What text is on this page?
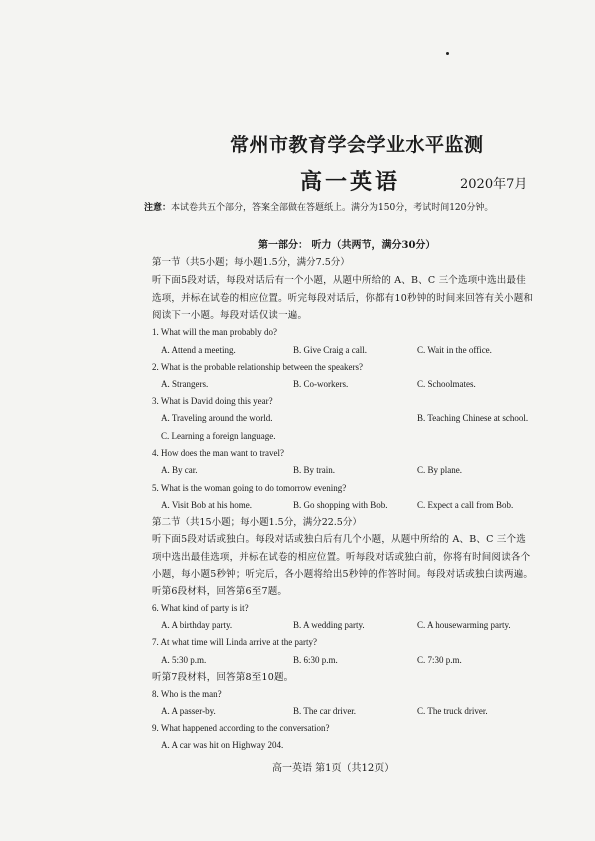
常州市教育学会学业水平监测
高一英语	2020年7月
注意：本试卷共五个部分，答案全部做在答题纸上。满分为150分，考试时间120分钟。
第一部分： 听力（共两节，满分30分）
第一节（共5小题；每小题1.5分，满分7.5分）
听下面5段对话，每段对话后有一个小题，从题中所给的 A、B、C 三个选项中选出最佳
选项，并标在试卷的相应位置。听完每段对话后，你都有10秒钟的时间来回答有关小题和
阅读下一小题。每段对话仅读一遍。
1. What will the man probably do?
A. Attend a meeting.	B. Give Craig a call.	C. Wait in the office.
2. What is the probable relationship between the speakers?
A. Strangers.	B. Co-workers.	C. Schoolmates.
3. What is David doing this year?
A. Traveling around the world.	B. Teaching Chinese at school.
C. Learning a foreign language.
4. How does the man want to travel?
A. By car.	B. By train.	C. By plane.
5. What is the woman going to do tomorrow evening?
A. Visit Bob at his home.	B. Go shopping with Bob.	C. Expect a call from Bob.
第二节（共15小题；每小题1.5分，满分22.5分）
听下面5段对话或独白。每段对话或独白后有几个小题，从题中所给的 A、B、C 三个选
项中选出最佳选项，并标在试卷的相应位置。听每段对话或独白前，你将有时间阅读各个
小题，每小题5秒钟；听完后，各小题将给出5秒钟的作答时间。每段对话或独白读两遍。
听第6段材料，回答第6至7题。
6. What kind of party is it?
A. A birthday party.	B. A wedding party.	C. A housewarming party.
7. At what time will Linda arrive at the party?
A. 5:30 p.m.	B. 6:30 p.m.	C. 7:30 p.m.
听第7段材料，回答第8至10题。
8. Who is the man?
A. A passer-by.	B. The car driver.	C. The truck driver.
9. What happened according to the conversation?
A. A car was hit on Highway 204.
高一英语 第1页（共12页）
